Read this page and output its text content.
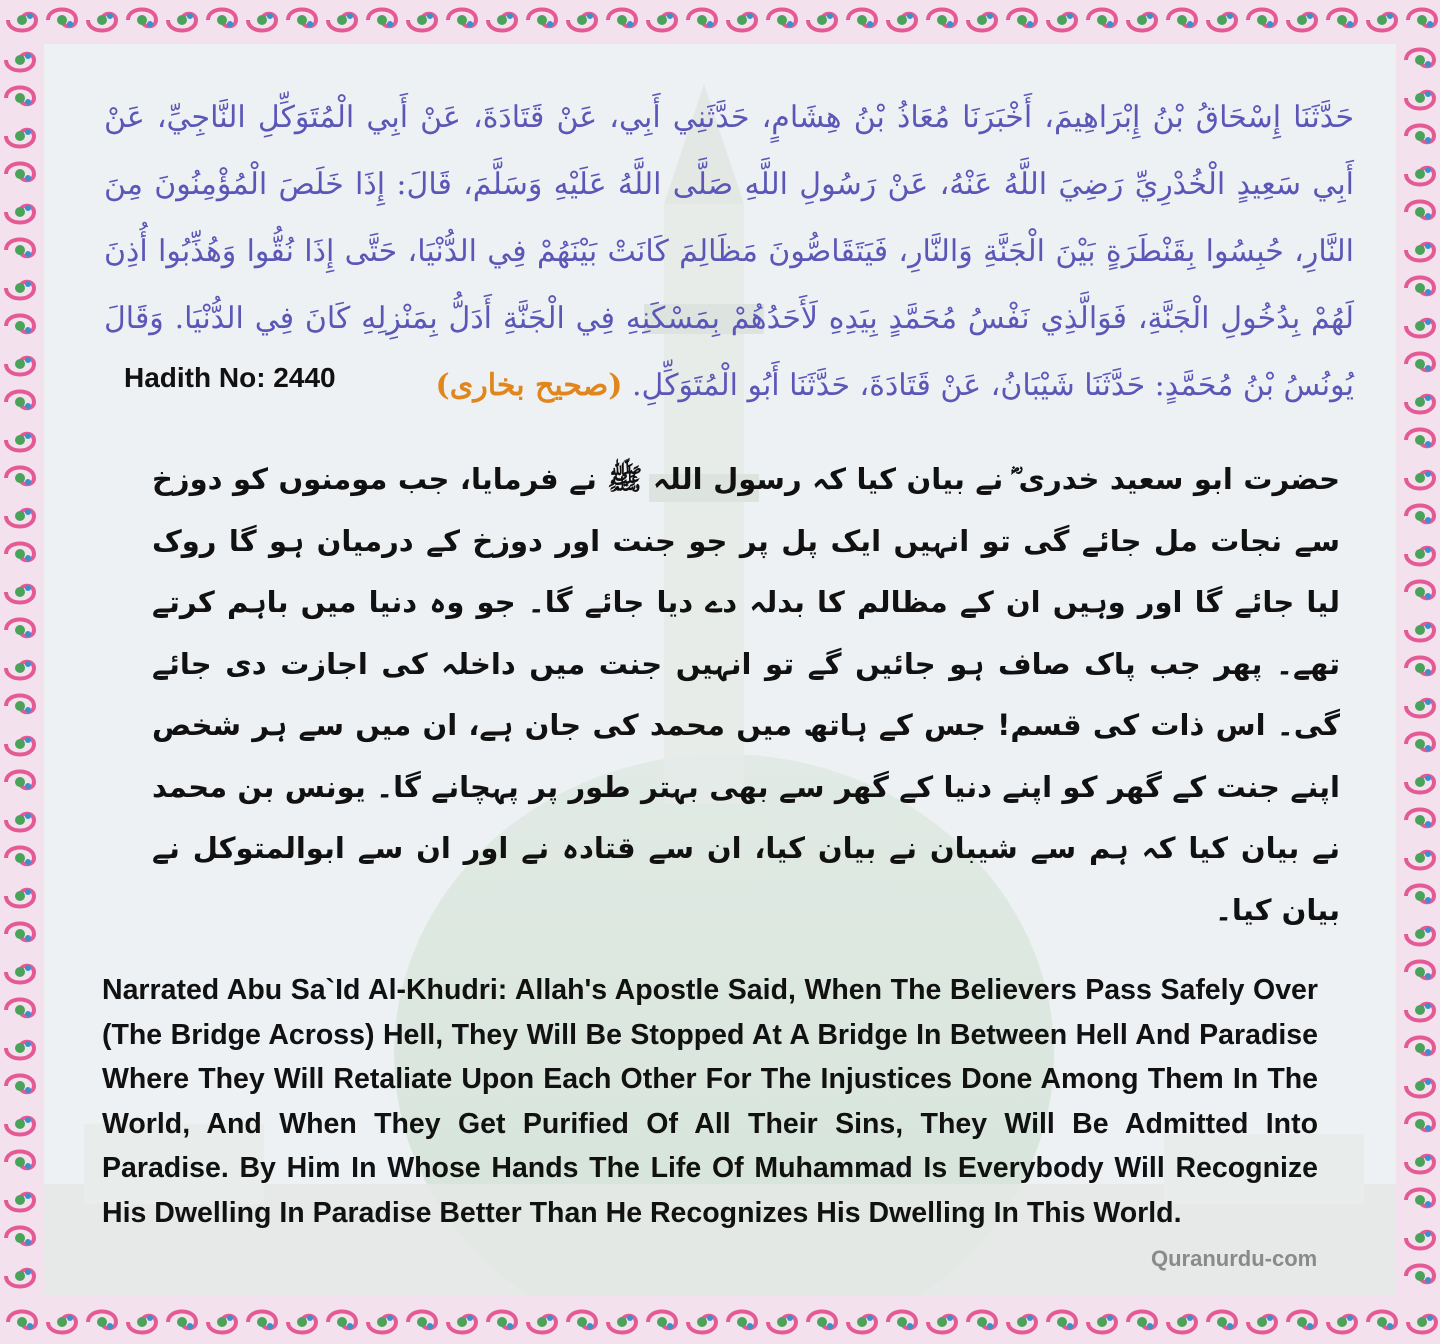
حَدَّثَنَا إِسْحَاقُ بْنُ إِبْرَاهِيمَ، أَخْبَرَنَا مُعَاذُ بْنُ هِشَامٍ، حَدَّثَنِي أَبِي، عَنْ قَتَادَةَ، عَنْ أَبِي الْمُتَوَكِّلِ النَّاجِيِّ، عَنْ أَبِي سَعِيدٍ الْخُدْرِيِّ رَضِيَ اللَّهُ عَنْهُ، عَنْ رَسُولِ اللَّهِ صَلَّى اللَّهُ عَلَيْهِ وَسَلَّمَ، قَالَ: إِذَا خَلَصَ الْمُؤْمِنُونَ مِنَ النَّارِ، حُبِسُوا بِقَنْطَرَةٍ بَيْنَ الْجَنَّةِ وَالنَّارِ، فَيَتَقَاصُّونَ مَظَالِمَ كَانَتْ بَيْنَهُمْ فِي الدُّنْيَا، حَتَّى إِذَا نُقُّوا وَهُذِّبُوا أُذِنَ لَهُمْ بِدُخُولِ الْجَنَّةِ، فَوَالَّذِي نَفْسُ مُحَمَّدٍ بِيَدِهِ لَأَحَدُهُمْ بِمَسْكَنِهِ فِي الْجَنَّةِ أَدَلُّ بِمَنْزِلِهِ كَانَ فِي الدُّنْيَا. وَقَالَ يُونُسُ بْنُ مُحَمَّدٍ: حَدَّثَنَا شَيْبَانُ، عَنْ قَتَادَةَ، حَدَّثَنَا أَبُو الْمُتَوَكِّلِ. (صحیح بخاری)

Hadith No: 2440

حضرت ابو سعید خدری ؓ نے بیان کیا کہ رسول اللہ ﷺ نے فرمایا، جب مومنوں کو دوزخ سے نجات مل جائے گی تو انہیں ایک پل پر جو جنت اور دوزخ کے درمیان ہو گا روک لیا جائے گا اور وہیں ان کے مظالم کا بدلہ دے دیا جائے گا۔ جو وہ دنیا میں باہم کرتے تھے۔ پھر جب پاک صاف ہو جائیں گے تو انہیں جنت میں داخلہ کی اجازت دی جائے گی۔ اس ذات کی قسم! جس کے ہاتھ میں محمد کی جان ہے، ان میں سے ہر شخص اپنے جنت کے گھر کو اپنے دنیا کے گھر سے بھی بہتر طور پر پہچانے گا۔ یونس بن محمد نے بیان کیا کہ ہم سے شیبان نے بیان کیا، ان سے قتادہ نے اور ان سے ابوالمتوکل نے بیان کیا۔

Narrated Abu Sa`Id Al-Khudri: Allah's Apostle Said, When The Believers Pass Safely Over (The Bridge Across) Hell, They Will Be Stopped At A Bridge In Between Hell And Paradise Where They Will Retaliate Upon Each Other For The Injustices Done Among Them In The World, And When They Get Purified Of All Their Sins, They Will Be Admitted Into Paradise. By Him In Whose Hands The Life Of Muhammad Is Everybody Will Recognize His Dwelling In Paradise Better Than He Recognizes His Dwelling In This World.

Quranurdu-com
